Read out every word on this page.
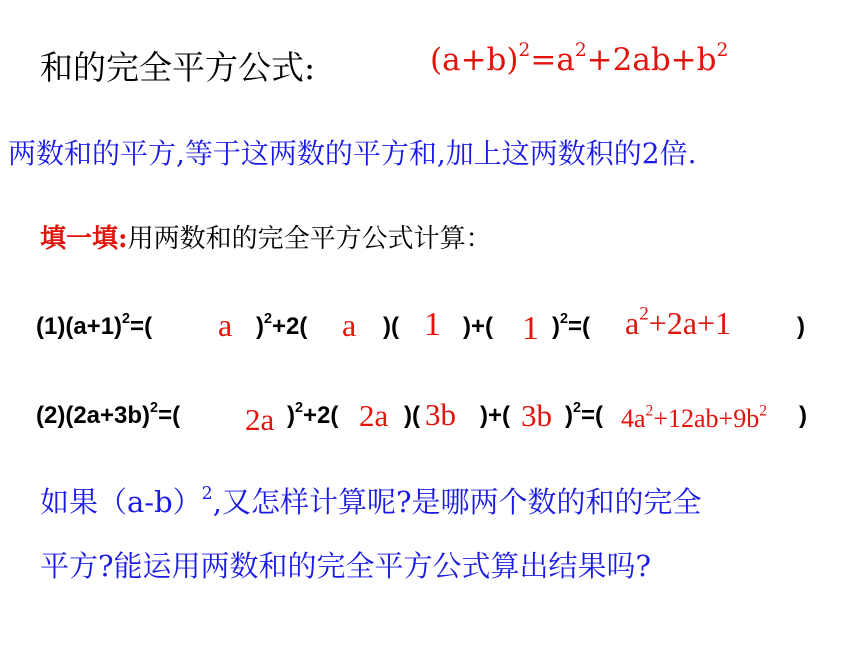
和的完全平方公式:	$(a+b)^2=a^2+2ab+b^2$
两数和的平方,等于这两数的平方和,加上这两数积的2倍.
填一填:用两数和的完全平方公式计算：
$(1)(a+1)^2=$( a )$^2$+2( a )( 1 )+( 1 )$^2$=( $a^2+2a+1$	)
$(2)(2a+3b)^2=$( 2a )$^2$+2( 2a )( 3b )+( 3b )$^2$=( $4a^2+12ab+9b^2$ )
如果$(a-b)^2$,又怎样计算呢?是哪两个数的和的完全
平方?能运用两数和的完全平方公式算出结果吗?
